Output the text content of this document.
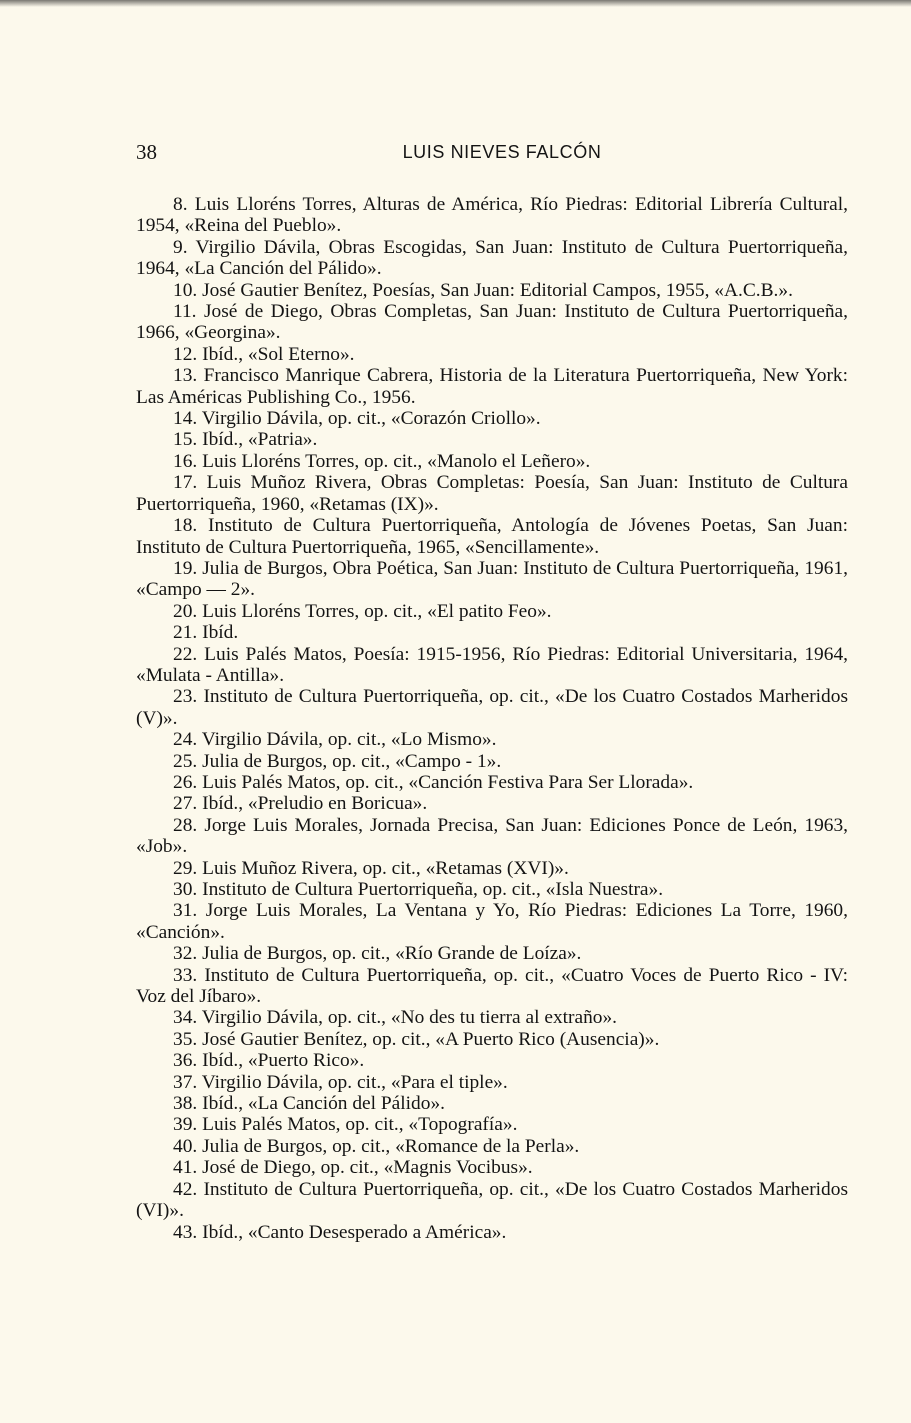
38	LUIS NIEVES FALCÓN

8. Luis Lloréns Torres, Alturas de América, Río Piedras: Editorial Librería Cultural, 1954, «Reina del Pueblo».

9. Virgilio Dávila, Obras Escogidas, San Juan: Instituto de Cultura Puertorriqueña, 1964, «La Canción del Pálido».

10. José Gautier Benítez, Poesías, San Juan: Editorial Campos, 1955, «A.C.B.».

11. José de Diego, Obras Completas, San Juan: Instituto de Cultura Puertorriqueña, 1966, «Georgina».

12. Ibíd., «Sol Eterno».

13. Francisco Manrique Cabrera, Historia de la Literatura Puertorriqueña, New York: Las Américas Publishing Co., 1956.

14. Virgilio Dávila, op. cit., «Corazón Criollo».

15. Ibíd., «Patria».

16. Luis Lloréns Torres, op. cit., «Manolo el Leñero».

17. Luis Muñoz Rivera, Obras Completas: Poesía, San Juan: Instituto de Cultura Puertorriqueña, 1960, «Retamas (IX)».

18. Instituto de Cultura Puertorriqueña, Antología de Jóvenes Poetas, San Juan: Instituto de Cultura Puertorriqueña, 1965, «Sencillamente».

19. Julia de Burgos, Obra Poética, San Juan: Instituto de Cultura Puertorriqueña, 1961, «Campo — 2».

20. Luis Lloréns Torres, op. cit., «El patito Feo».

21. Ibíd.

22. Luis Palés Matos, Poesía: 1915-1956, Río Piedras: Editorial Universitaria, 1964, «Mulata - Antilla».

23. Instituto de Cultura Puertorriqueña, op. cit., «De los Cuatro Costados Marheridos (V)».

24. Virgilio Dávila, op. cit., «Lo Mismo».

25. Julia de Burgos, op. cit., «Campo - 1».

26. Luis Palés Matos, op. cit., «Canción Festiva Para Ser Llorada».

27. Ibíd., «Preludio en Boricua».

28. Jorge Luis Morales, Jornada Precisa, San Juan: Ediciones Ponce de León, 1963, «Job».

29. Luis Muñoz Rivera, op. cit., «Retamas (XVI)».

30. Instituto de Cultura Puertorriqueña, op. cit., «Isla Nuestra».

31. Jorge Luis Morales, La Ventana y Yo, Río Piedras: Ediciones La Torre, 1960, «Canción».

32. Julia de Burgos, op. cit., «Río Grande de Loíza».

33. Instituto de Cultura Puertorriqueña, op. cit., «Cuatro Voces de Puerto Rico - IV: Voz del Jíbaro».

34. Virgilio Dávila, op. cit., «No des tu tierra al extraño».

35. José Gautier Benítez, op. cit., «A Puerto Rico (Ausencia)».

36. Ibíd., «Puerto Rico».

37. Virgilio Dávila, op. cit., «Para el tiple».

38. Ibíd., «La Canción del Pálido».

39. Luis Palés Matos, op. cit., «Topografía».

40. Julia de Burgos, op. cit., «Romance de la Perla».

41. José de Diego, op. cit., «Magnis Vocibus».

42. Instituto de Cultura Puertorriqueña, op. cit., «De los Cuatro Costados Marheridos (VI)».

43. Ibíd., «Canto Desesperado a América».
